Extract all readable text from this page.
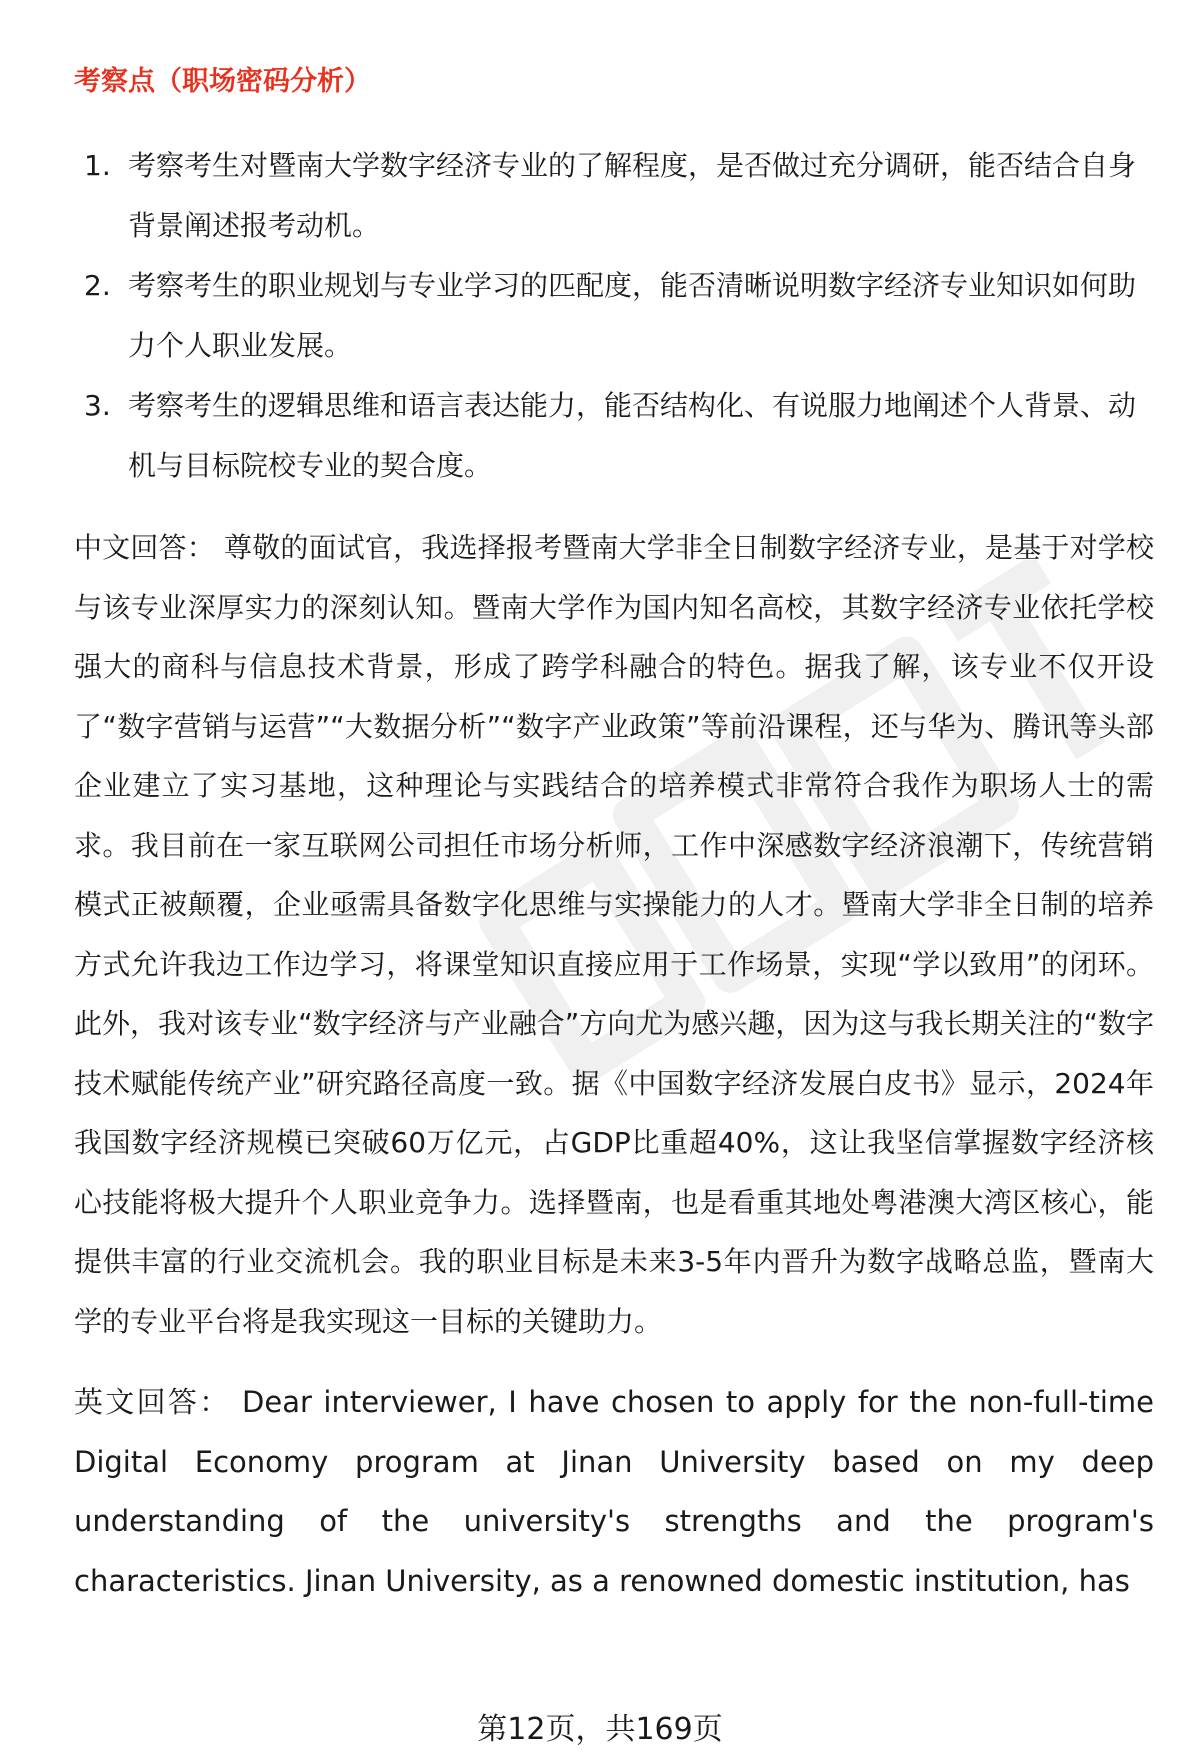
考察点（职场密码分析）
1. 考察考生对暨南大学数字经济专业的了解程度，是否做过充分调研，能否结合自身背景阐述报考动机。
2. 考察考生的职业规划与专业学习的匹配度，能否清晰说明数字经济专业知识如何助力个人职业发展。
3. 考察考生的逻辑思维和语言表达能力，能否结构化、有说服力地阐述个人背景、动机与目标院校专业的契合度。

中文回答： 尊敬的面试官，我选择报考暨南大学非全日制数字经济专业，是基于对学校与该专业深厚实力的深刻认知。暨南大学作为国内知名高校，其数字经济专业依托学校强大的商科与信息技术背景，形成了跨学科融合的特色。据我了解，该专业不仅开设了“数字营销与运营”“大数据分析”“数字产业政策”等前沿课程，还与华为、腾讯等头部企业建立了实习基地，这种理论与实践结合的培养模式非常符合我作为职场人士的需求。我目前在一家互联网公司担任市场分析师，工作中深感数字经济浪潮下，传统营销模式正被颠覆，企业亟需具备数字化思维与实操能力的人才。暨南大学非全日制的培养方式允许我边工作边学习，将课堂知识直接应用于工作场景，实现“学以致用”的闭环。此外，我对该专业“数字经济与产业融合”方向尤为感兴趣，因为这与我长期关注的“数字技术赋能传统产业”研究路径高度一致。据《中国数字经济发展白皮书》显示，2024年我国数字经济规模已突破60万亿元，占GDP比重超40%，这让我坚信掌握数字经济核心技能将极大提升个人职业竞争力。选择暨南，也是看重其地处粤港澳大湾区核心，能提供丰富的行业交流机会。我的职业目标是未来3-5年内晋升为数字战略总监，暨南大学的专业平台将是我实现这一目标的关键助力。

英文回答： Dear interviewer, I have chosen to apply for the non-full-time Digital Economy program at Jinan University based on my deep understanding of the university's strengths and the program's characteristics. Jinan University, as a renowned domestic institution, has

第12页，共169页
